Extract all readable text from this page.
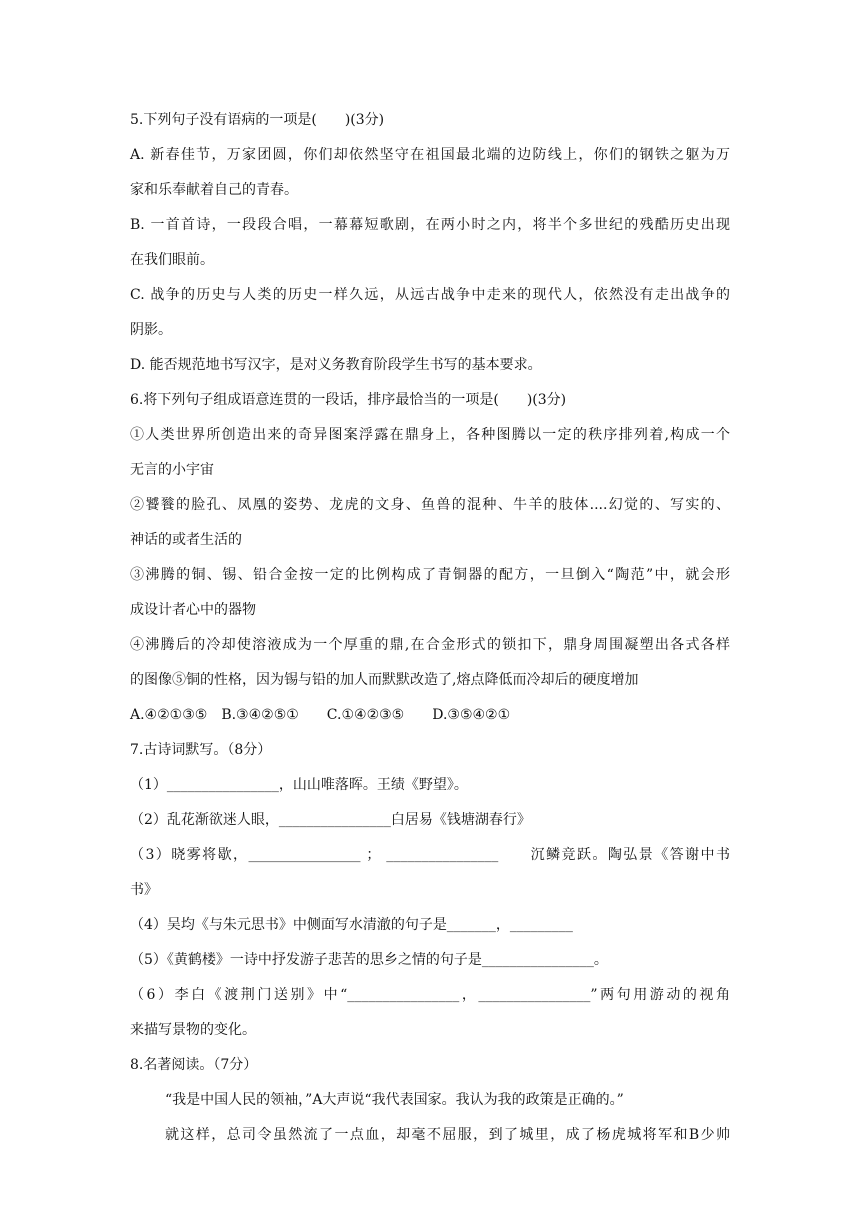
5.下列句子没有语病的一项是(　　)(3分)
A. 新春佳节，万家团圆，你们却依然坚守在祖国最北端的边防线上，你们的钢铁之躯为万
家和乐奉献着自己的青春。
B. 一首首诗，一段段合唱，一幕幕短歌剧，在两小时之内，将半个多世纪的残酷历史出现
在我们眼前。
C. 战争的历史与人类的历史一样久远，从远古战争中走来的现代人，依然没有走出战争的
阴影。
D. 能否规范地书写汉字，是对义务教育阶段学生书写的基本要求。
6.将下列句子组成语意连贯的一段话，排序最恰当的一项是(　　)(3分)
①人类世界所创造出来的奇异图案浮露在鼎身上，各种图腾以一定的秩序排列着,构成一个
无言的小宇宙
②饕餮的脸孔、凤凰的姿势、龙虎的文身、鱼兽的混种、牛羊的肢体....幻觉的、写实的、
神话的或者生活的
③沸腾的铜、锡、铅合金按一定的比例构成了青铜器的配方，一旦倒入“陶范”中，就会形
成设计者心中的器物
④沸腾后的冷却使溶液成为一个厚重的鼎,在合金形式的锁扣下，鼎身周围凝塑出各式各样
的图像⑤铜的性格，因为锡与铅的加人而默默改造了,熔点降低而冷却后的硬度增加
A.④②①③⑤　B.③④②⑤①　　C.①④②③⑤　　D.③⑤④②①
7.古诗词默写。（8分）
（1）________________，山山唯落晖。王绩《野望》。
（2）乱花渐欲迷人眼，________________白居易《钱塘湖春行》
（3）晓雾将歇，________________ ； ________________　　沉鳞竞跃。陶弘景《答谢中书
书》
（4）吴均《与朱元思书》中侧面写水清澈的句子是_______，_________
（5）《黄鹤楼》一诗中抒发游子悲苦的思乡之情的句子是________________。
（6）李白《渡荆门送别》中“________________，________________”两句用游动的视角
来描写景物的变化。
8.名著阅读。（7分）
“我是中国人民的领袖，”A大声说“我代表国家。我认为我的政策是正确的。”
就这样，总司令虽然流了一点血，却毫不屈服，到了城里，成了杨虎城将军和B少帅
